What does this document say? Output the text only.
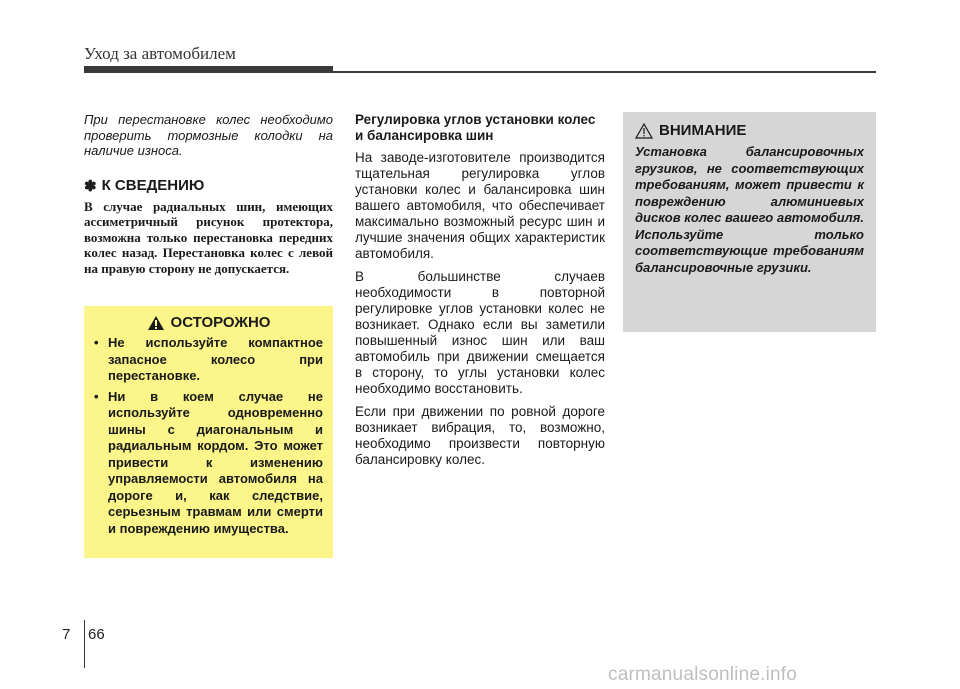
Уход за автомобилем

При перестановке колес необходимо проверить тормозные колодки на наличие износа.

✽ К СВЕДЕНИЮ

В случае радиальных шин, имеющих ассиметричный рисунок протектора, возможна только перестановка передних колес назад. Перестановка колес с левой на правую сторону не допускается.

ОСТОРОЖНО
• Не используйте компактное запасное колесо при перестановке.
• Ни в коем случае не используйте одновременно шины с диагональным и радиальным кордом. Это может привести к изменению управляемости автомобиля на дороге и, как следствие, серьезным травмам или смерти и повреждению имущества.

Регулировка углов установки колес и балансировка шин

На заводе-изготовителе производится тщательная регулировка углов установки колес и балансировка шин вашего автомобиля, что обеспечивает максимально возможный ресурс шин и лучшие значения общих характеристик автомобиля.

В большинстве случаев необходимости в повторной регулировке углов установки колес не возникает. Однако если вы заметили повышенный износ шин или ваш автомобиль при движении смещается в сторону, то углы установки колес необходимо восстановить.

Если при движении по ровной дороге возникает вибрация, то, возможно, необходимо произвести повторную балансировку колес.

ВНИМАНИЕ

Установка балансировочных грузиков, не соответствующих требованиям, может привести к повреждению алюминиевых дисков колес вашего автомобиля. Используйте только соответствующие требованиям балансировочные грузики.

7 66
carmanualsonline.info
